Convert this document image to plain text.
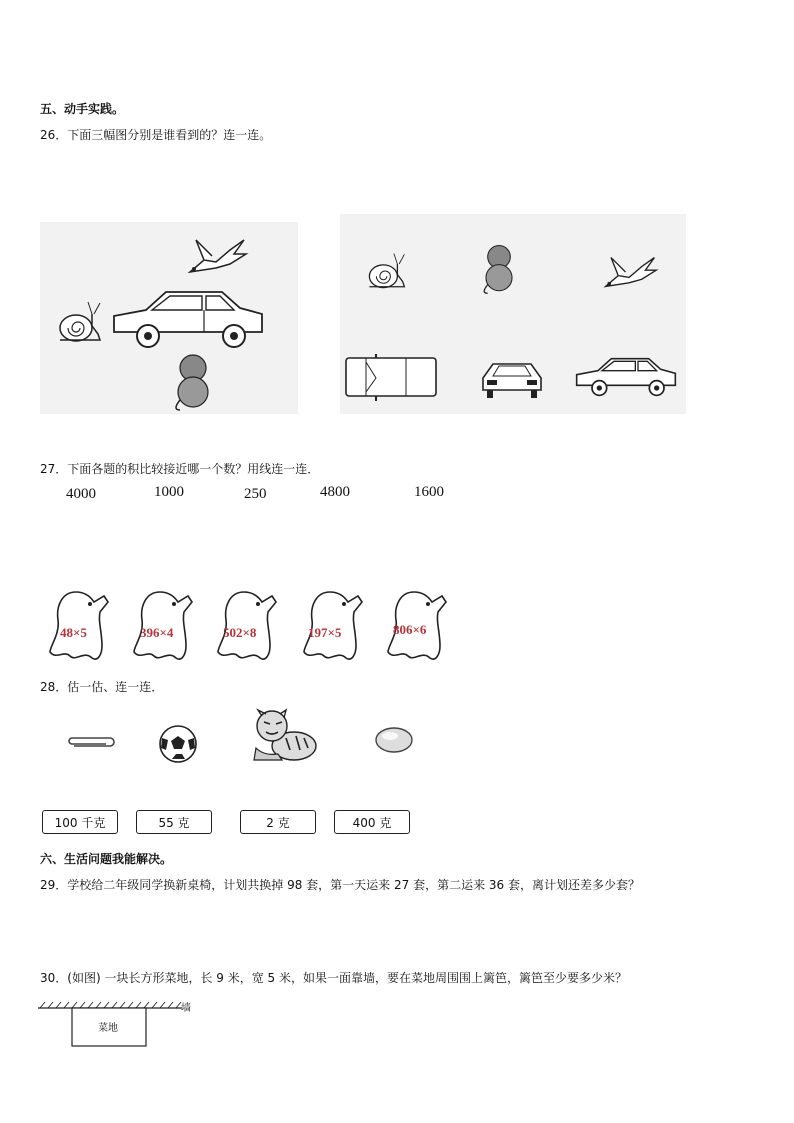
五、动手实践。
26．下面三幅图分别是谁看到的？连一连。
27．下面各题的积比较接近哪一个数？用线连一连．
4000	1000	250	4800	1600
48×5	396×4	502×8	197×5	806×6
28．估一估、连一连．
100 千克	55 克	2 克	400 克
六、生活问题我能解决。
29．学校给二年级同学换新桌椅，计划共换掉 98 套，第一天运来 27 套，第二运来 36 套，离计划还差多少套？
30．(如图) 一块长方形菜地，长 9 米，宽 5 米，如果一面靠墙，要在菜地周围围上篱笆，篱笆至少要多少米？
墙
菜地
